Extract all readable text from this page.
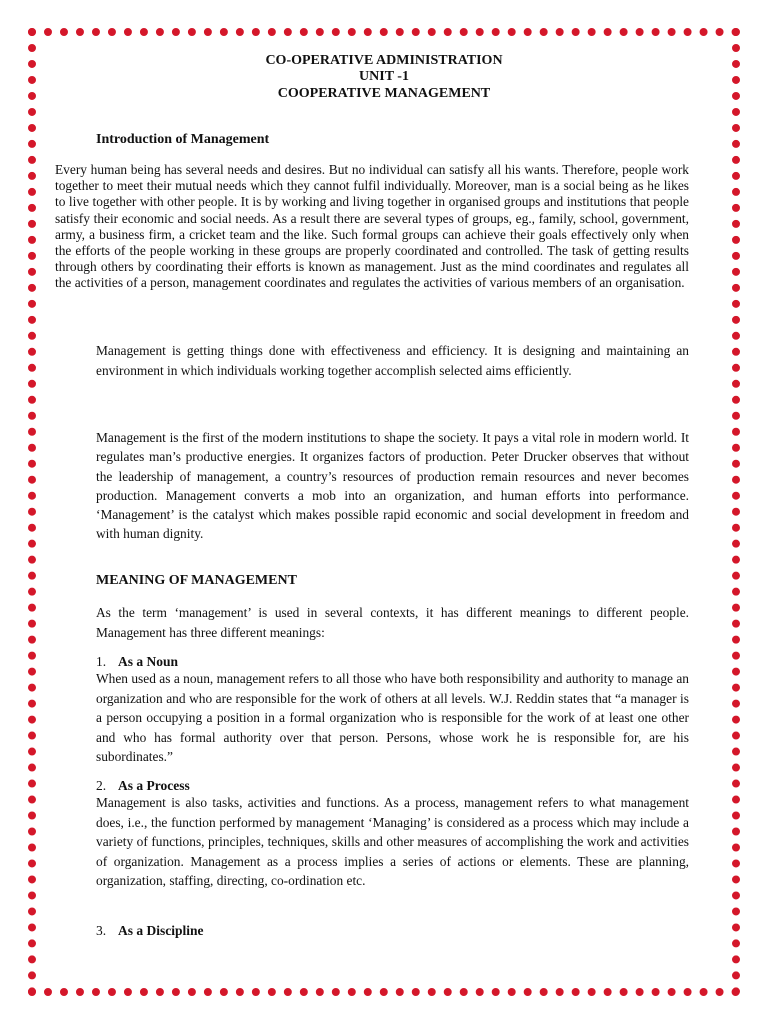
CO-OPERATIVE ADMINISTRATION
UNIT -1
COOPERATIVE MANAGEMENT
Introduction of Management

Every human being has several needs and desires. But no individual can satisfy all his wants. Therefore, people work together to meet their mutual needs which they cannot fulfil individually. Moreover, man is a social being as he likes to live together with other people. It is by working and living together in organised groups and institutions that people satisfy their economic and social needs. As a result there are several types of groups, eg., family, school, government, army, a business firm, a cricket team and the like. Such formal groups can achieve their goals effectively only when the efforts of the people working in these groups are properly coordinated and controlled. The task of getting results through others by coordinating their efforts is known as management. Just as the mind coordinates and regulates all the activities of a person, management coordinates and regulates the activities of various members of an organisation.

Management is getting things done with effectiveness and efficiency. It is designing and maintaining an environment in which individuals working together accomplish selected aims efficiently.

Management is the first of the modern institutions to shape the society. It pays a vital role in modern world. It regulates man’s productive energies. It organizes factors of production. Peter Drucker observes that without the leadership of management, a country’s resources of production remain resources and never becomes production. Management converts a mob into an organization, and human efforts into performance. ‘Management’ is the catalyst which makes possible rapid economic and social development in freedom and with human dignity.

MEANING OF MANAGEMENT

As the term ‘management’ is used in several contexts, it has different meanings to different people. Management has three different meanings:

1. As a Noun

When used as a noun, management refers to all those who have both responsibility and authority to manage an organization and who are responsible for the work of others at all levels. W.J. Reddin states that “a manager is a person occupying a position in a formal organization who is responsible for the work of at least one other and who has formal authority over that person. Persons, whose work he is responsible for, are his subordinates.”

2. As a Process

Management is also tasks, activities and functions. As a process, management refers to what management does, i.e., the function performed by management ‘Managing’ is considered as a process which may include a variety of functions, principles, techniques, skills and other measures of accomplishing the work and activities of organization. Management as a process implies a series of actions or elements. These are planning, organization, staffing, directing, co-ordination etc.

3. As a Discipline
